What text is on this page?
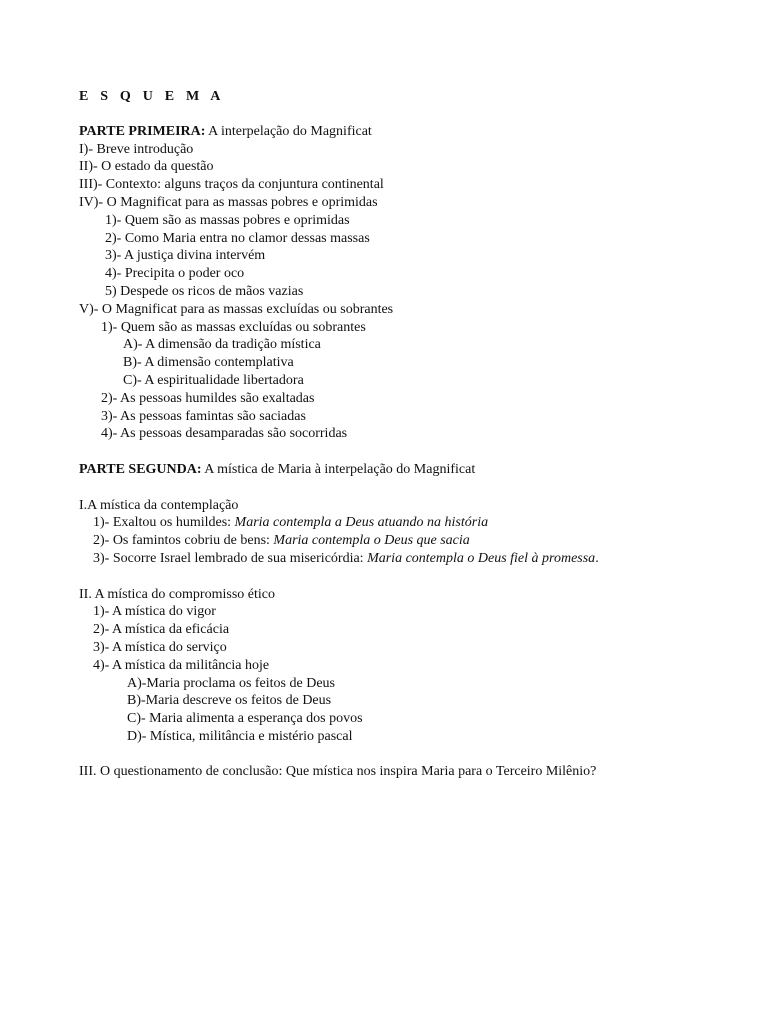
E S Q U E M A
PARTE PRIMEIRA: A interpelação do Magnificat
I)- Breve introdução
II)- O estado da questão
III)- Contexto: alguns traços da conjuntura continental
IV)- O Magnificat para as massas pobres e oprimidas
1)- Quem são as massas pobres e oprimidas
2)- Como Maria entra no clamor dessas massas
3)- A justiça divina intervém
4)- Precipita o poder oco
5) Despede os ricos de mãos vazias
V)- O Magnificat para as massas excluídas ou sobrantes
1)- Quem são as massas excluídas ou sobrantes
A)- A dimensão da tradição mística
B)- A dimensão contemplativa
C)- A espiritualidade libertadora
2)- As pessoas humildes são exaltadas
3)- As pessoas famintas são saciadas
4)- As pessoas desamparadas são socorridas
PARTE SEGUNDA: A mística de Maria à interpelação do Magnificat
I.A mística da contemplação
1)- Exaltou os humildes: Maria contempla a Deus atuando na história
2)- Os famintos cobriu de bens: Maria contempla o Deus que sacia
3)- Socorre Israel lembrado de sua misericórdia: Maria contempla o Deus fiel à promessa.
II. A mística do compromisso ético
1)- A mística do vigor
2)- A mística da eficácia
3)- A mística do serviço
4)- A mística da militância hoje
A)-Maria proclama os feitos de Deus
B)-Maria descreve os feitos de Deus
C)- Maria alimenta a esperança dos povos
D)- Mística, militância e mistério pascal
III. O questionamento de conclusão: Que mística nos inspira Maria para o Terceiro Milênio?
